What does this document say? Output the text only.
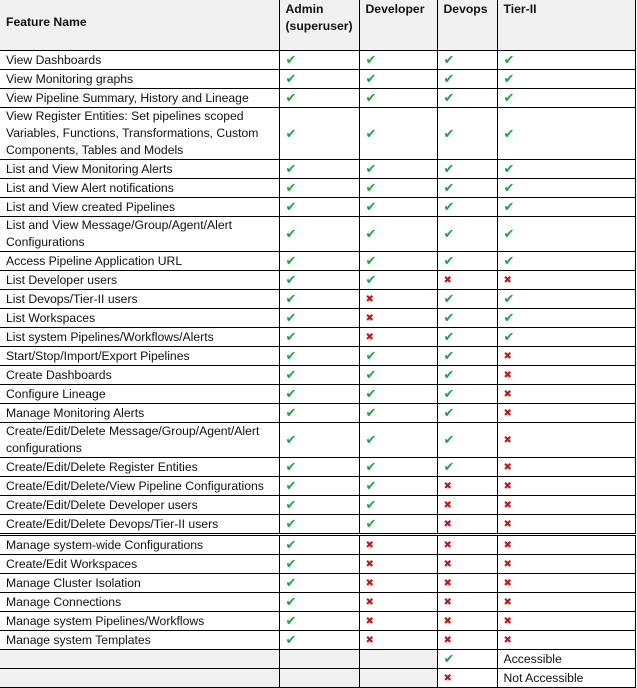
Feature Name	Admin (superuser)	Developer	Devops	Tier-II
View Dashboards	✔	✔	✔	✔
View Monitoring graphs	✔	✔	✔	✔
View Pipeline Summary, History and Lineage	✔	✔	✔	✔
View Register Entities: Set pipelines scoped Variables, Functions, Transformations, Custom Components, Tables and Models	✔	✔	✔	✔
List and View Monitoring Alerts	✔	✔	✔	✔
List and View Alert notifications	✔	✔	✔	✔
List and View created Pipelines	✔	✔	✔	✔
List and View Message/Group/Agent/Alert Configurations	✔	✔	✔	✔
Access Pipeline Application URL	✔	✔	✔	✔
List Developer users	✔	✔	✖	✖
List Devops/Tier-II users	✔	✖	✔	✔
List Workspaces	✔	✖	✔	✔
List system Pipelines/Workflows/Alerts	✔	✖	✔	✔
Start/Stop/Import/Export Pipelines	✔	✔	✔	✖
Create Dashboards	✔	✔	✔	✖
Configure Lineage	✔	✔	✔	✖
Manage Monitoring Alerts	✔	✔	✔	✖
Create/Edit/Delete Message/Group/Agent/Alert configurations	✔	✔	✔	✖
Create/Edit/Delete Register Entities	✔	✔	✔	✖
Create/Edit/Delete/View Pipeline Configurations	✔	✔	✖	✖
Create/Edit/Delete Developer users	✔	✔	✖	✖
Create/Edit/Delete Devops/Tier-II users	✔	✔	✖	✖
Manage system-wide Configurations	✔	✖	✖	✖
Create/Edit Workspaces	✔	✖	✖	✖
Manage Cluster Isolation	✔	✖	✖	✖
Manage Connections	✔	✖	✖	✖
Manage system Pipelines/Workflows	✔	✖	✖	✖
Manage system Templates	✔	✖	✖	✖
			✔	Accessible
			✖	Not Accessible
